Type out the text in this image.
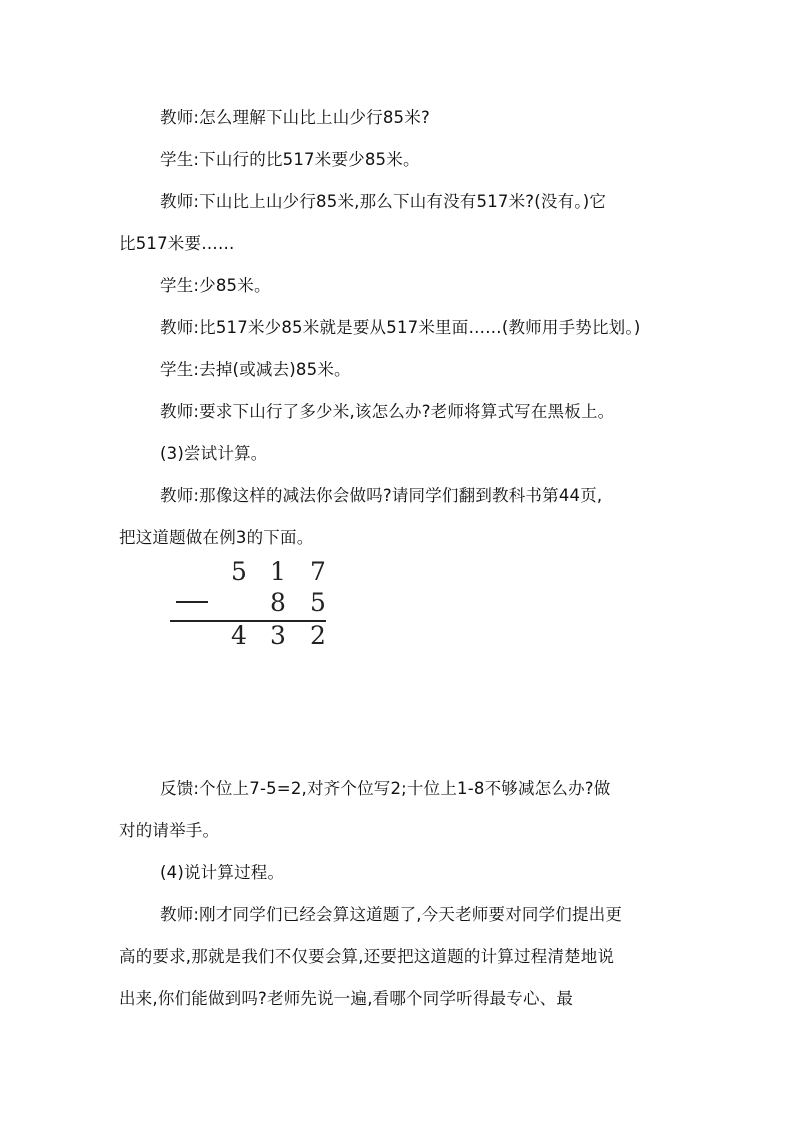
教师:怎么理解下山比上山少行85米?
学生:下山行的比517米要少85米。
教师:下山比上山少行85米,那么下山有没有517米?(没有。)它
比517米要……
学生:少85米。
教师:比517米少85米就是要从517米里面……(教师用手势比划。)
学生:去掉(或减去)85米。
教师:要求下山行了多少米,该怎么办?老师将算式写在黑板上。
(3)尝试计算。
教师:那像这样的减法你会做吗?请同学们翻到教科书第44页,
把这道题做在例3的下面。
5 1 7
8 5
4 3 2
反馈:个位上7-5=2,对齐个位写2;十位上1-8不够减怎么办?做
对的请举手。
(4)说计算过程。
教师:刚才同学们已经会算这道题了,今天老师要对同学们提出更
高的要求,那就是我们不仅要会算,还要把这道题的计算过程清楚地说
出来,你们能做到吗?老师先说一遍,看哪个同学听得最专心、最
